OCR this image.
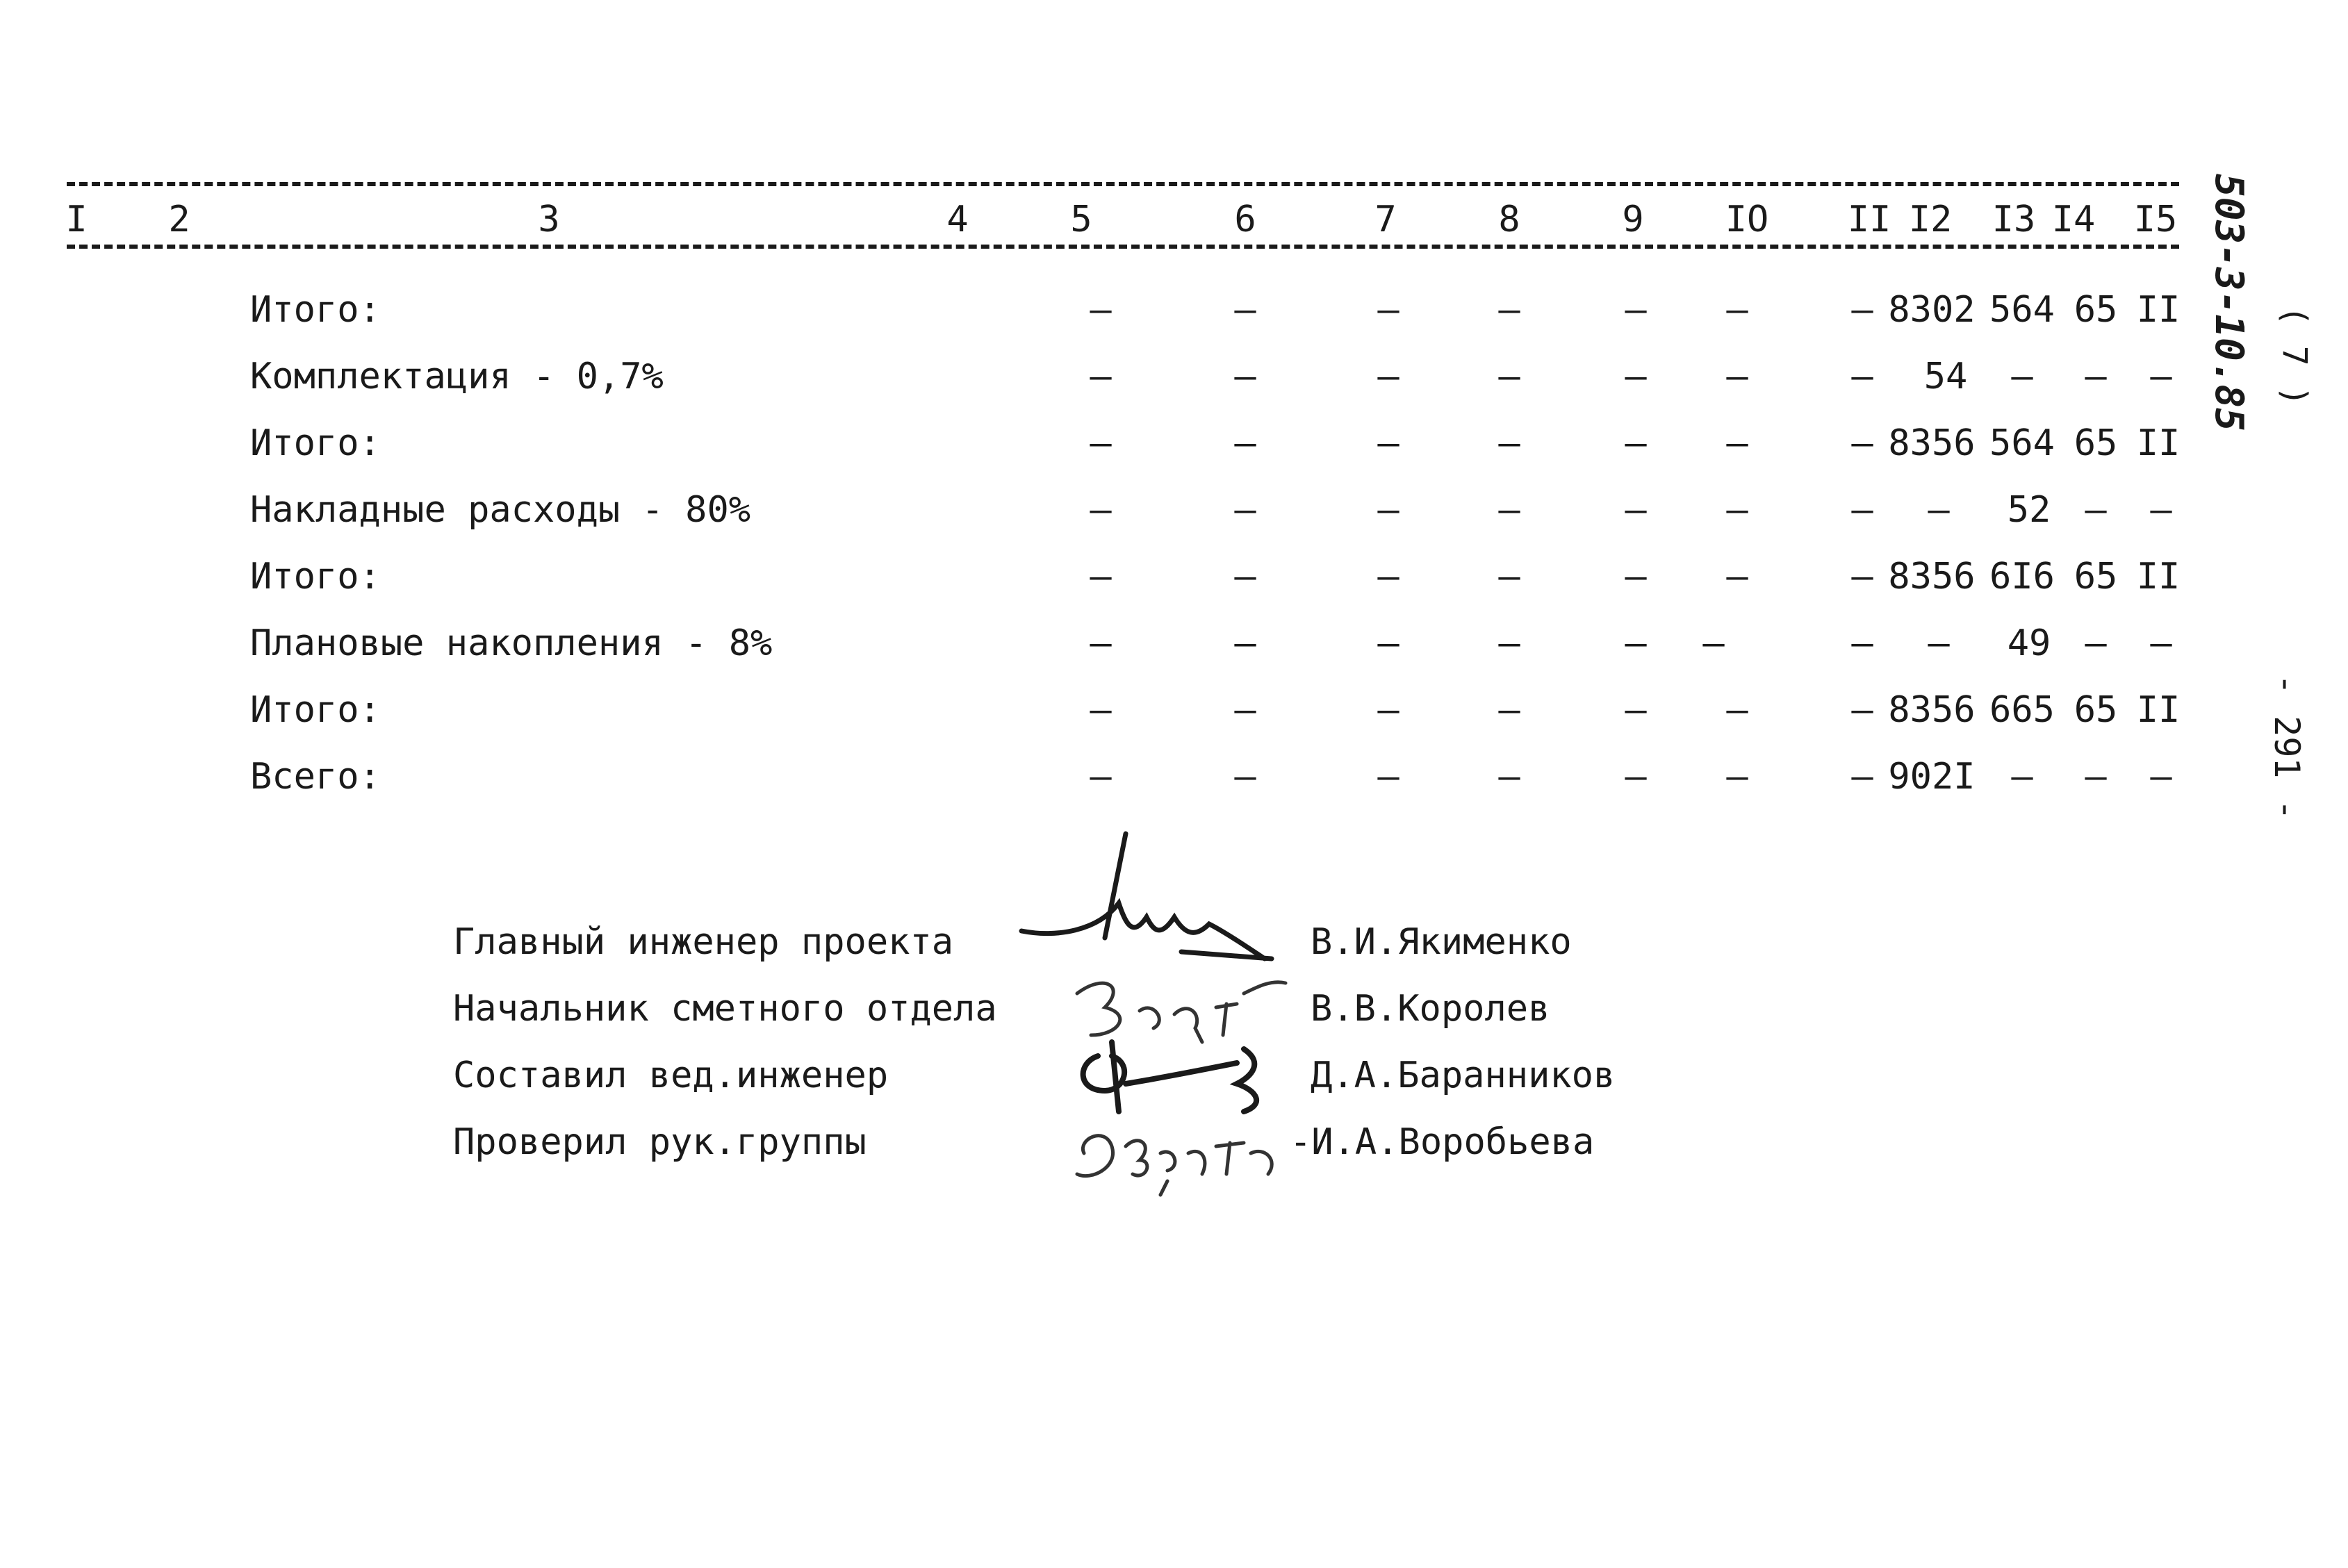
I	2	3	4	5	6	7	8	9	IO	II I2	I3 I4	I5
Итого:	–	–	–	–	–	–	– 8302 564 65 II
Комплектация - 0,7%	–	–	–	–	–	–	–	54	–	–	–
Итого:	–	–	–	–	–	–	– 8356 564 65 II
Накладные расходы - 80%	–	–	–	–	–	–	–	–	52 –	–
Итого:	–	–	–	–	–	–	– 8356 6I6 65 II
Плановые накопления - 8%	–	–	–	–	–	–	–	–	49 –	–
Итого:	–	–	–	–	–	–	– 8356 665 65 II
Всего:	–	–	–	–	–	–	– 902I –	–	–
Главный инженер проекта	В.И.Якименко
Начальник сметного отдела	В.В.Королев
Составил вед.инженер	Д.А.Баранников
Проверил рук.группы	-И.А.Воробьева
503-3-10.85 ( 7 )
- 291 -
